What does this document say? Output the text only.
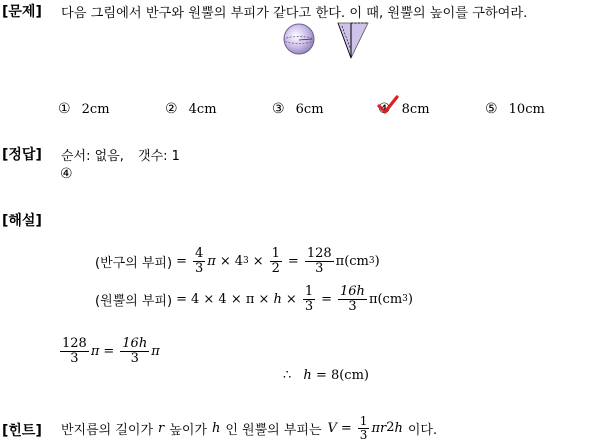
[문제] 다음 그림에서 반구와 원뿔의 부피가 같다고 한다. 이 때, 원뿔의 높이를 구하여라.
① 2cm	② 4cm	③ 6cm	④ 8cm	⑤ 10cm
[정답] 순서: 없음, 갯수: 1
④
[해설]
(반구의 부피) = $\frac{4}{3}$ π × 4 $3 \times \frac{1}{2} = \frac{128}{3} \pi(cm$ 3 )
(원뿔의 부피) = $4 \times 4 \times \pi \times h \times \frac{1}{3} = \frac{16h}{3} \pi(cm$ 3 )
$\frac{128}{3}$ $\pi = \frac{16h}{3}$ π
∴ h = 8(cm)
[힌트] 반지름의 길이가 r 높이가 h 인 원뿔의 부피는 $V = \frac{1}{3}$ πr 2 h 이다.
